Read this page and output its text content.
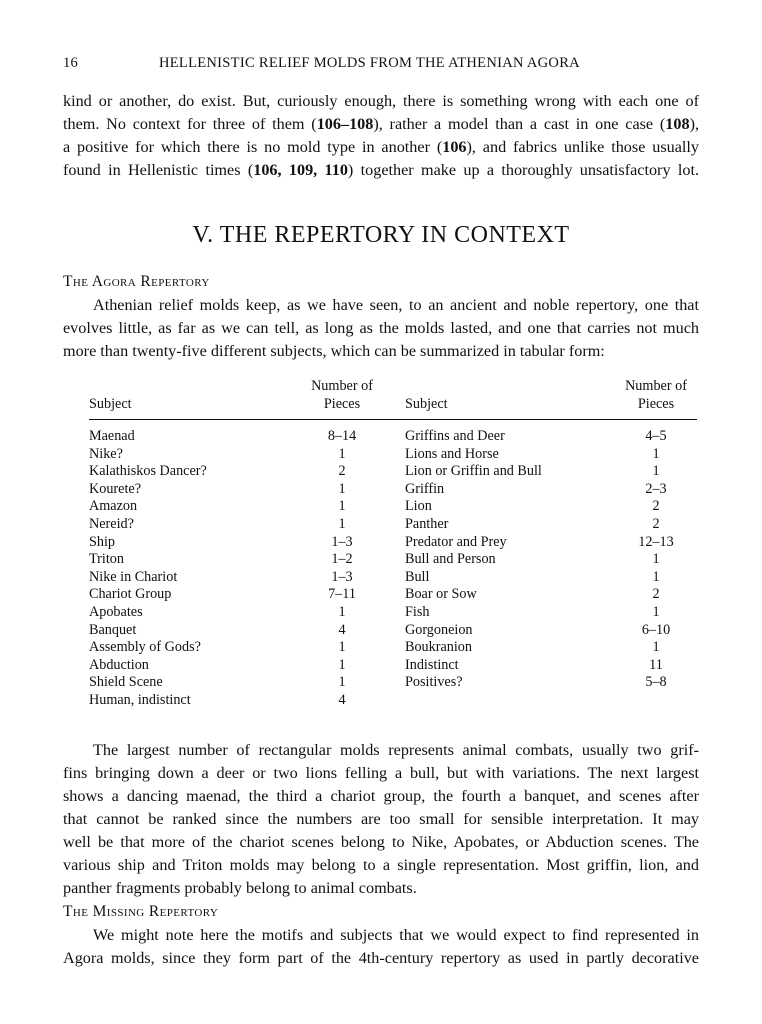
16	HELLENISTIC RELIEF MOLDS FROM THE ATHENIAN AGORA

kind or another, do exist. But, curiously enough, there is something wrong with each one of
them. No context for three of them (106–108), rather a model than a cast in one case (108),
a positive for which there is no mold type in another (106), and fabrics unlike those usually
found in Hellenistic times (106, 109, 110) together make up a thoroughly unsatisfactory lot.

V. THE REPERTORY IN CONTEXT
The Agora Repertory

Athenian relief molds keep, as we have seen, to an ancient and noble repertory, one that
evolves little, as far as we can tell, as long as the molds lasted, and one that carries not much
more than twenty-five different subjects, which can be summarized in tabular form:

	Number of			Number of
Subject	Pieces		Subject	Pieces
Maenad	8–14		Griffins and Deer	4–5
Nike?	1		Lions and Horse	1
Kalathiskos Dancer?	2		Lion or Griffin and Bull	1
Kourete?	1		Griffin	2–3
Amazon	1		Lion	2
Nereid?	1		Panther	2
Ship	1–3		Predator and Prey	12–13
Triton	1–2		Bull and Person	1
Nike in Chariot	1–3		Bull	1
Chariot Group	7–11		Boar or Sow	2
Apobates	1		Fish	1
Banquet	4		Gorgoneion	6–10
Assembly of Gods?	1		Boukranion	1
Abduction	1		Indistinct	11
Shield Scene	1		Positives?	5–8
Human, indistinct	4			

The largest number of rectangular molds represents animal combats, usually two grif-
fins bringing down a deer or two lions felling a bull, but with variations. The next largest
shows a dancing maenad, the third a chariot group, the fourth a banquet, and scenes after
that cannot be ranked since the numbers are too small for sensible interpretation. It may
well be that more of the chariot scenes belong to Nike, Apobates, or Abduction scenes. The
various ship and Triton molds may belong to a single representation. Most griffin, lion, and
panther fragments probably belong to animal combats.

The Missing Repertory

We might note here the motifs and subjects that we would expect to find represented in
Agora molds, since they form part of the 4th-century repertory as used in partly decorative
